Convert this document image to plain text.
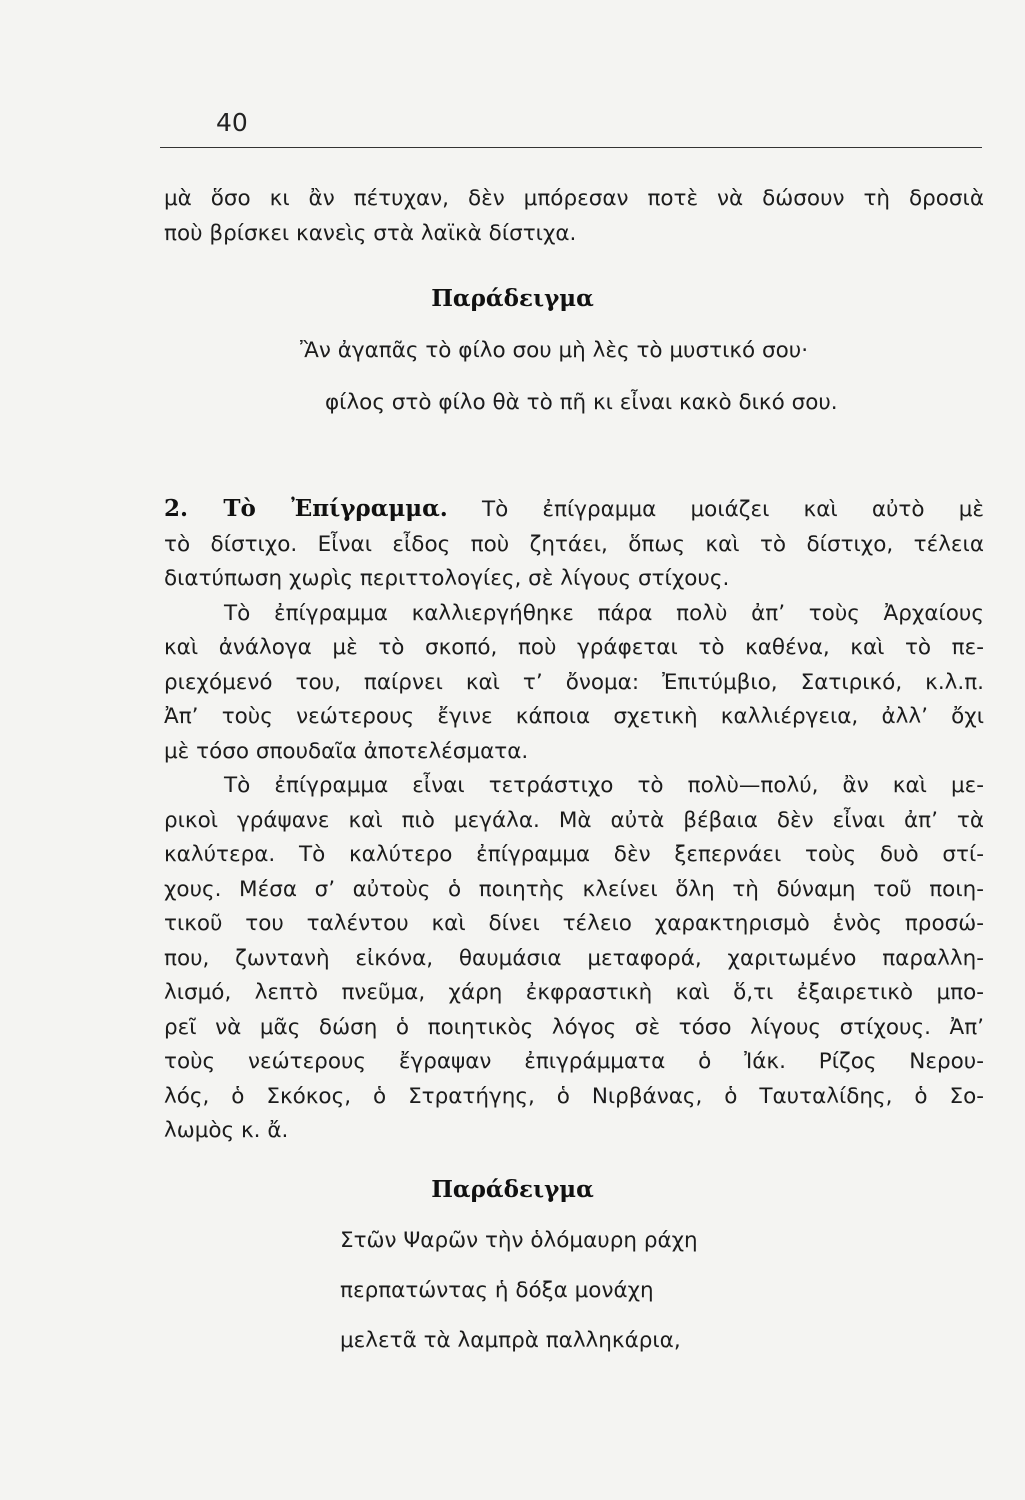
40
μὰ ὅσο κι ἂν πέτυχαν, δὲν μπόρεσαν ποτὲ νὰ δώσουν τὴ δροσιὰ
ποὺ βρίσκει κανεὶς στὰ λαϊκὰ δίστιχα.
Παράδειγμα
Ἂν ἀγαπᾶς τὸ φίλο σου μὴ λὲς τὸ μυστικό σου·
φίλος στὸ φίλο θὰ τὸ πῆ κι εἶναι κακὸ δικό σου.
2. Τὸ Ἐπίγραμμα. Τὸ ἐπίγραμμα μοιάζει καὶ αὐτὸ μὲ
τὸ δίστιχο. Εἶναι εἶδος ποὺ ζητάει, ὅπως καὶ τὸ δίστιχο, τέλεια
διατύπωση χωρὶς περιττολογίες, σὲ λίγους στίχους.
Τὸ ἐπίγραμμα καλλιεργήθηκε πάρα πολὺ ἀπ’ τοὺς Ἀρχαίους
καὶ ἀνάλογα μὲ τὸ σκοπό, ποὺ γράφεται τὸ καθένα, καὶ τὸ πε-
ριεχόμενό του, παίρνει καὶ τ’ ὄνομα: Ἐπιτύμβιο, Σατιρικό, κ.λ.π.
Ἀπ’ τοὺς νεώτερους ἔγινε κάποια σχετικὴ καλλιέργεια, ἀλλ’ ὄχι
μὲ τόσο σπουδαῖα ἀποτελέσματα.
Τὸ ἐπίγραμμα εἶναι τετράστιχο τὸ πολὺ—πολύ, ἂν καὶ με-
ρικοὶ γράψανε καὶ πιὸ μεγάλα. Μὰ αὐτὰ βέβαια δὲν εἶναι ἀπ’ τὰ
καλύτερα. Τὸ καλύτερο ἐπίγραμμα δὲν ξεπερνάει τοὺς δυὸ στί-
χους. Μέσα σ’ αὐτοὺς ὁ ποιητὴς κλείνει ὅλη τὴ δύναμη τοῦ ποιη-
τικοῦ του ταλέντου καὶ δίνει τέλειο χαρακτηρισμὸ ἑνὸς προσώ-
που, ζωντανὴ εἰκόνα, θαυμάσια μεταφορά, χαριτωμένο παραλλη-
λισμό, λεπτὸ πνεῦμα, χάρη ἐκφραστικὴ καὶ ὅ,τι ἐξαιρετικὸ μπο-
ρεῖ νὰ μᾶς δώση ὁ ποιητικὸς λόγος σὲ τόσο λίγους στίχους. Ἀπ’
τοὺς νεώτερους ἔγραψαν ἐπιγράμματα ὁ Ἰάκ. Ρίζος Νερου-
λός, ὁ Σκόκος, ὁ Στρατήγης, ὁ Νιρβάνας, ὁ Ταυταλίδης, ὁ Σο-
λωμὸς κ. ἄ.
Παράδειγμα
Στῶν Ψαρῶν τὴν ὁλόμαυρη ράχη
περπατώντας ἡ δόξα μονάχη
μελετᾶ τὰ λαμπρὰ παλληκάρια,
